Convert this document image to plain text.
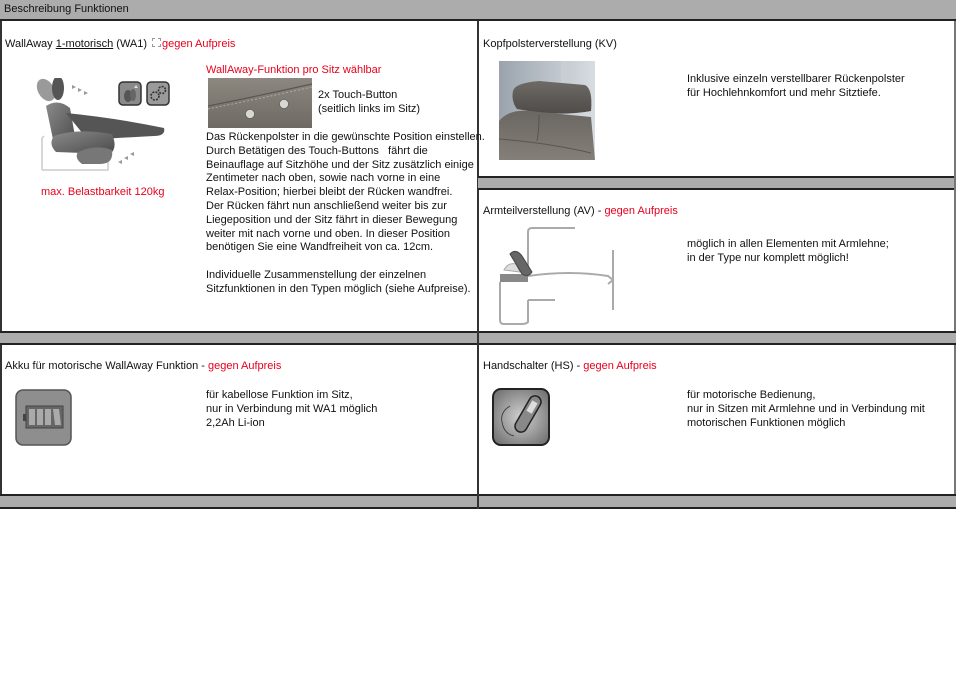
Beschreibung Funktionen
WallAway 1-motorisch (WA1) gegen Aufpreis
max. Belastbarkeit 120kg
WallAway-Funktion pro Sitz wählbar
2x Touch-Button
(seitlich links im Sitz)
Das Rückenpolster in die gewünschte Position einstellen.
Durch Betätigen des Touch-Buttons   fährt die
Beinauflage auf Sitzhöhe und der Sitz zusätzlich einige
Zentimeter nach oben, sowie nach vorne in eine
Relax-Position; hierbei bleibt der Rücken wandfrei.
Der Rücken fährt nun anschließend weiter bis zur
Liegeposition und der Sitz fährt in dieser Bewegung
weiter mit nach vorne und oben. In dieser Position
benötigen Sie eine Wandfreiheit von ca. 12cm.
Individuelle Zusammenstellung der einzelnen
Sitzfunktionen in den Typen möglich (siehe Aufpreise).
Kopfpolsterverstellung (KV)
Inklusive einzeln verstellbarer Rückenpolster
für Hochlehnkomfort und mehr Sitztiefe.
Armteilverstellung (AV) - gegen Aufpreis
möglich in allen Elementen mit Armlehne;
in der Type nur komplett möglich!
Akku für motorische WallAway Funktion - gegen Aufpreis
für kabellose Funktion im Sitz,
nur in Verbindung mit WA1 möglich
2,2Ah Li-ion
Handschalter (HS) - gegen Aufpreis
für motorische Bedienung,
nur in Sitzen mit Armlehne und in Verbindung mit
motorischen Funktionen möglich
